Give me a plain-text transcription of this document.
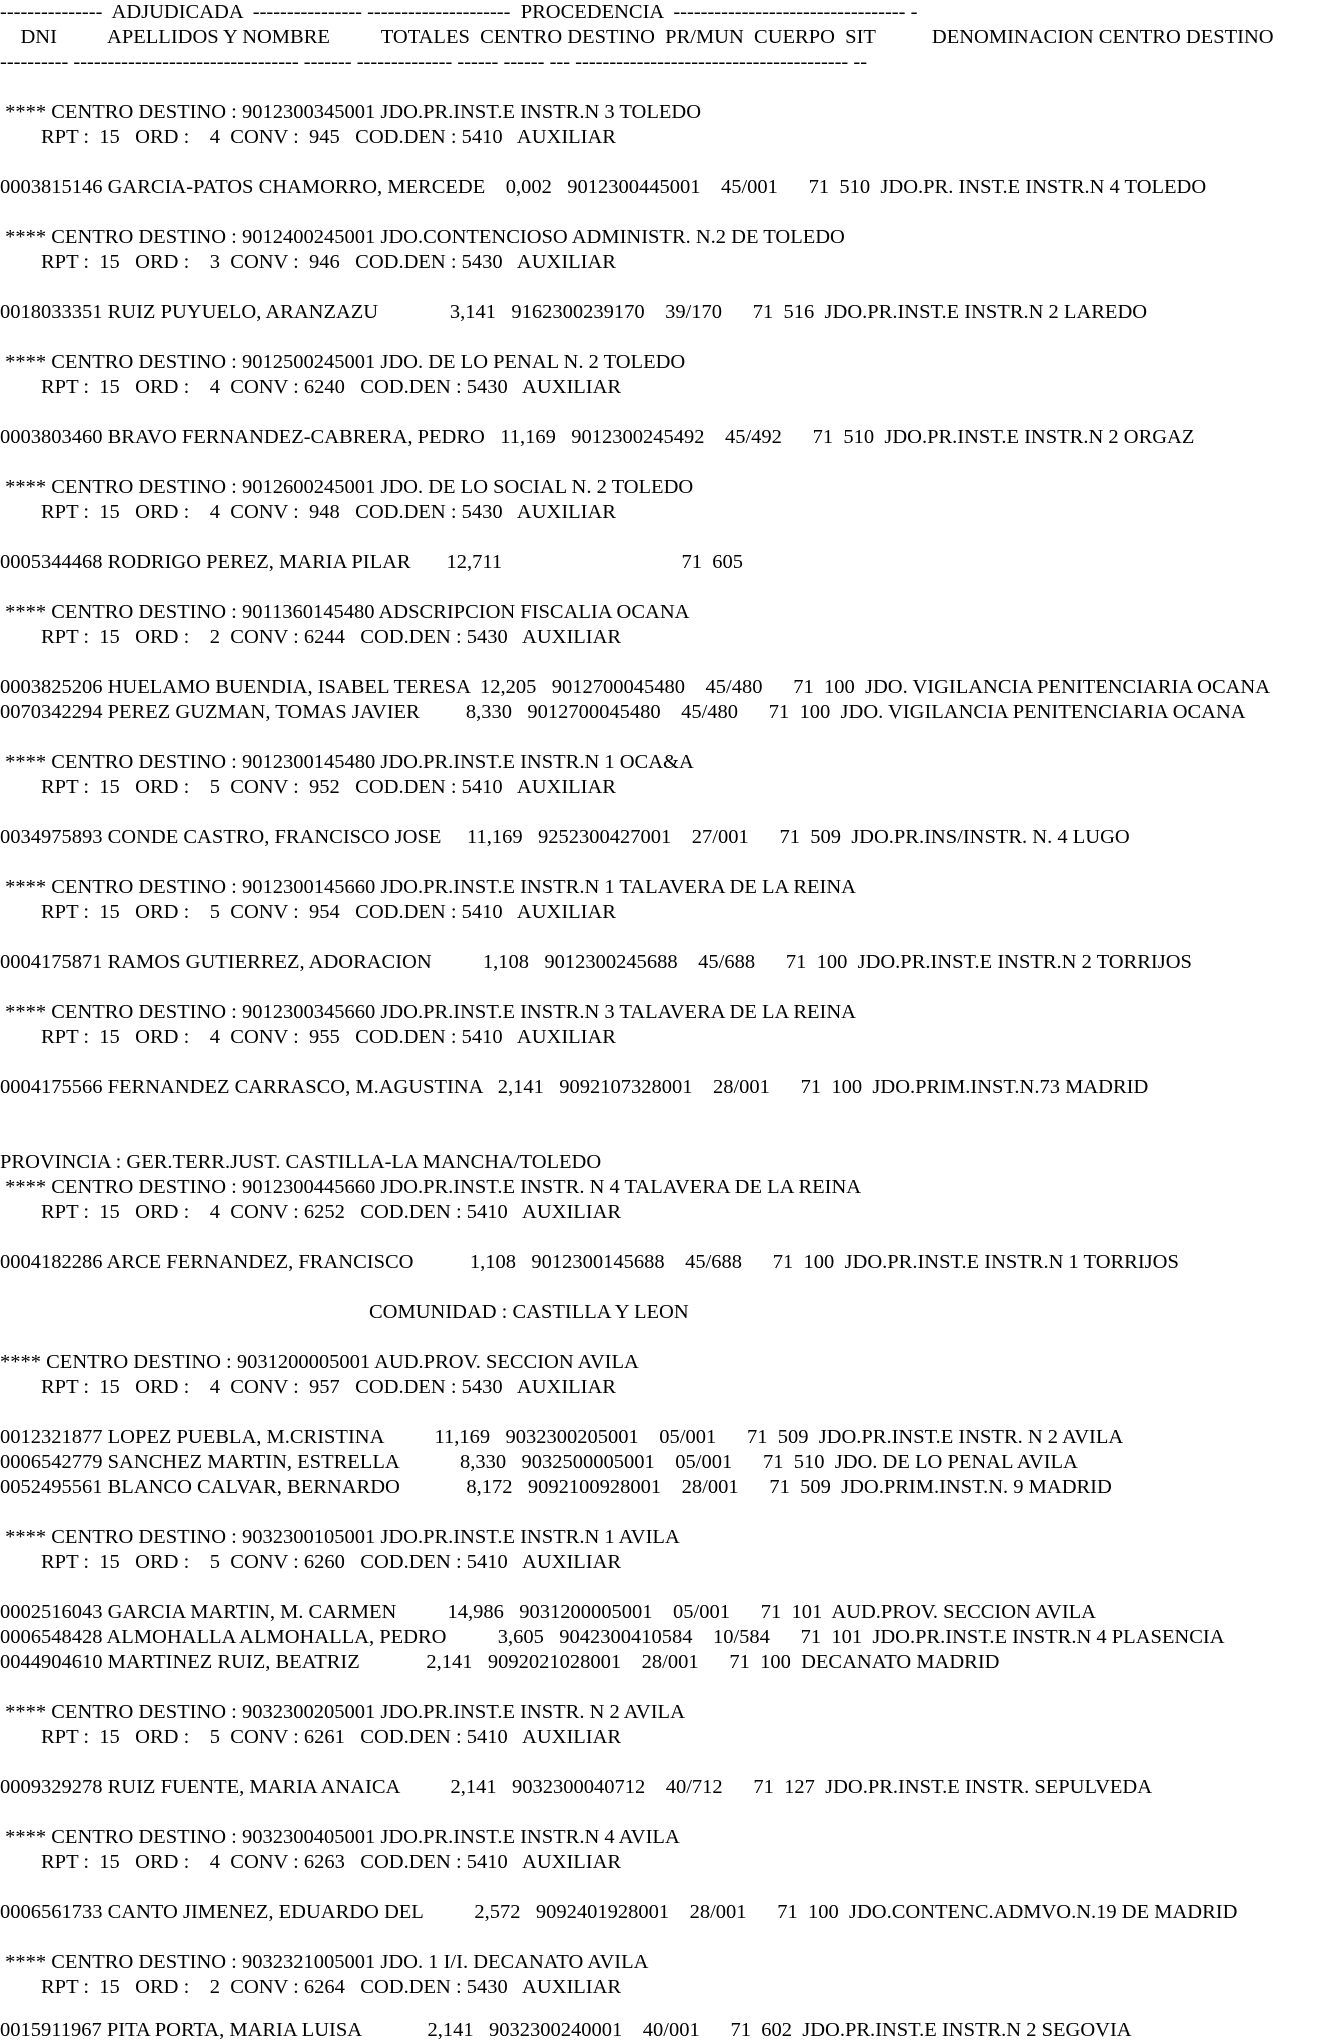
---------------  ADJUDICADA  ---------------- ---------------------  PROCEDENCIA  ---------------------------------- -
DNI          APELLIDOS Y NOMBRE          TOTALES  CENTRO DESTINO  PR/MUN  CUERPO  SIT           DENOMINACION CENTRO DESTINO
---------- --------------------------------- ------- -------------- ------ ------ --- ---------------------------------------- --
**** CENTRO DESTINO : 9012300345001 JDO.PR.INST.E INSTR.N 3 TOLEDO
RPT :  15   ORD :    4  CONV :  945   COD.DEN : 5410   AUXILIAR
0003815146 GARCIA-PATOS CHAMORRO, MERCEDE    0,002   9012300445001    45/001      71  510  JDO.PR. INST.E INSTR.N 4 TOLEDO
**** CENTRO DESTINO : 9012400245001 JDO.CONTENCIOSO ADMINISTR. N.2 DE TOLEDO
RPT :  15   ORD :    3  CONV :  946   COD.DEN : 5430   AUXILIAR
0018033351 RUIZ PUYUELO, ARANZAZU              3,141   9162300239170    39/170      71  516  JDO.PR.INST.E INSTR.N 2 LAREDO
**** CENTRO DESTINO : 9012500245001 JDO. DE LO PENAL N. 2 TOLEDO
RPT :  15   ORD :    4  CONV : 6240   COD.DEN : 5430   AUXILIAR
0003803460 BRAVO FERNANDEZ-CABRERA, PEDRO   11,169   9012300245492    45/492      71  510  JDO.PR.INST.E INSTR.N 2 ORGAZ
**** CENTRO DESTINO : 9012600245001 JDO. DE LO SOCIAL N. 2 TOLEDO
RPT :  15   ORD :    4  CONV :  948   COD.DEN : 5430   AUXILIAR
0005344468 RODRIGO PEREZ, MARIA PILAR       12,711                                   71  605
**** CENTRO DESTINO : 9011360145480 ADSCRIPCION FISCALIA OCANA
RPT :  15   ORD :    2  CONV : 6244   COD.DEN : 5430   AUXILIAR
0003825206 HUELAMO BUENDIA, ISABEL TERESA  12,205   9012700045480    45/480      71  100  JDO. VIGILANCIA PENITENCIARIA OCANA
0070342294 PEREZ GUZMAN, TOMAS JAVIER         8,330   9012700045480    45/480      71  100  JDO. VIGILANCIA PENITENCIARIA OCANA
**** CENTRO DESTINO : 9012300145480 JDO.PR.INST.E INSTR.N 1 OCA&A
RPT :  15   ORD :    5  CONV :  952   COD.DEN : 5410   AUXILIAR
0034975893 CONDE CASTRO, FRANCISCO JOSE     11,169   9252300427001    27/001      71  509  JDO.PR.INS/INSTR. N. 4 LUGO
**** CENTRO DESTINO : 9012300145660 JDO.PR.INST.E INSTR.N 1 TALAVERA DE LA REINA
RPT :  15   ORD :    5  CONV :  954   COD.DEN : 5410   AUXILIAR
0004175871 RAMOS GUTIERREZ, ADORACION          1,108   9012300245688    45/688      71  100  JDO.PR.INST.E INSTR.N 2 TORRIJOS
**** CENTRO DESTINO : 9012300345660 JDO.PR.INST.E INSTR.N 3 TALAVERA DE LA REINA
RPT :  15   ORD :    4  CONV :  955   COD.DEN : 5410   AUXILIAR
0004175566 FERNANDEZ CARRASCO, M.AGUSTINA   2,141   9092107328001    28/001      71  100  JDO.PRIM.INST.N.73 MADRID
PROVINCIA : GER.TERR.JUST. CASTILLA-LA MANCHA/TOLEDO
**** CENTRO DESTINO : 9012300445660 JDO.PR.INST.E INSTR. N 4 TALAVERA DE LA REINA
RPT :  15   ORD :    4  CONV : 6252   COD.DEN : 5410   AUXILIAR
0004182286 ARCE FERNANDEZ, FRANCISCO           1,108   9012300145688    45/688      71  100  JDO.PR.INST.E INSTR.N 1 TORRIJOS
COMUNIDAD : CASTILLA Y LEON
**** CENTRO DESTINO : 9031200005001 AUD.PROV. SECCION AVILA
RPT :  15   ORD :    4  CONV :  957   COD.DEN : 5430   AUXILIAR
0012321877 LOPEZ PUEBLA, M.CRISTINA          11,169   9032300205001    05/001      71  509  JDO.PR.INST.E INSTR. N 2 AVILA
0006542779 SANCHEZ MARTIN, ESTRELLA            8,330   9032500005001    05/001      71  510  JDO. DE LO PENAL AVILA
0052495561 BLANCO CALVAR, BERNARDO             8,172   9092100928001    28/001      71  509  JDO.PRIM.INST.N. 9 MADRID
**** CENTRO DESTINO : 9032300105001 JDO.PR.INST.E INSTR.N 1 AVILA
RPT :  15   ORD :    5  CONV : 6260   COD.DEN : 5410   AUXILIAR
0002516043 GARCIA MARTIN, M. CARMEN          14,986   9031200005001    05/001      71  101  AUD.PROV. SECCION AVILA
0006548428 ALMOHALLA ALMOHALLA, PEDRO          3,605   9042300410584    10/584      71  101  JDO.PR.INST.E INSTR.N 4 PLASENCIA
0044904610 MARTINEZ RUIZ, BEATRIZ             2,141   9092021028001    28/001      71  100  DECANATO MADRID
**** CENTRO DESTINO : 9032300205001 JDO.PR.INST.E INSTR. N 2 AVILA
RPT :  15   ORD :    5  CONV : 6261   COD.DEN : 5410   AUXILIAR
0009329278 RUIZ FUENTE, MARIA ANAICA          2,141   9032300040712    40/712      71  127  JDO.PR.INST.E INSTR. SEPULVEDA
**** CENTRO DESTINO : 9032300405001 JDO.PR.INST.E INSTR.N 4 AVILA
RPT :  15   ORD :    4  CONV : 6263   COD.DEN : 5410   AUXILIAR
0006561733 CANTO JIMENEZ, EDUARDO DEL          2,572   9092401928001    28/001      71  100  JDO.CONTENC.ADMVO.N.19 DE MADRID
**** CENTRO DESTINO : 9032321005001 JDO. 1 I/I. DECANATO AVILA
RPT :  15   ORD :    2  CONV : 6264   COD.DEN : 5430   AUXILIAR
0015911967 PITA PORTA, MARIA LUISA             2,141   9032300240001    40/001      71  602  JDO.PR.INST.E INSTR.N 2 SEGOVIA
